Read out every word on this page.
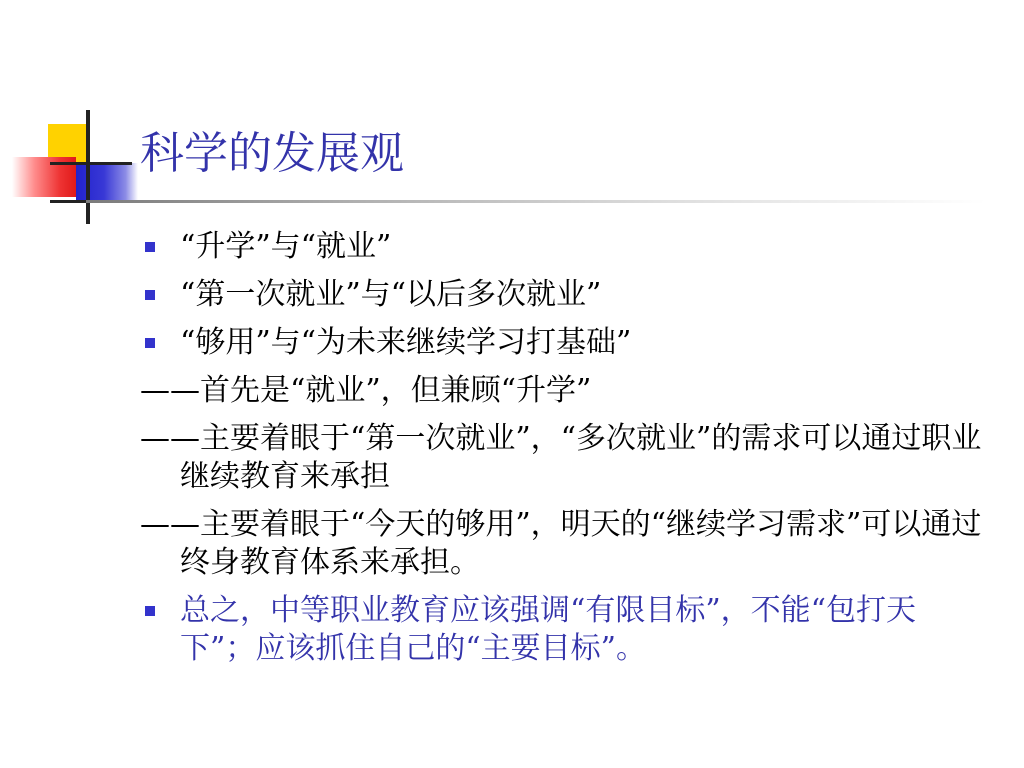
科学的发展观
“升学”与“就业”
“第一次就业”与“以后多次就业”
“够用”与“为未来继续学习打基础”
——首先是“就业”，但兼顾“升学”
——主要着眼于“第一次就业”，“多次就业”的需求可以通过职业继续教育来承担
——主要着眼于“今天的够用”，明天的“继续学习需求”可以通过终身教育体系来承担。
总之，中等职业教育应该强调“有限目标”，不能“包打天下”；应该抓住自己的“主要目标”。
